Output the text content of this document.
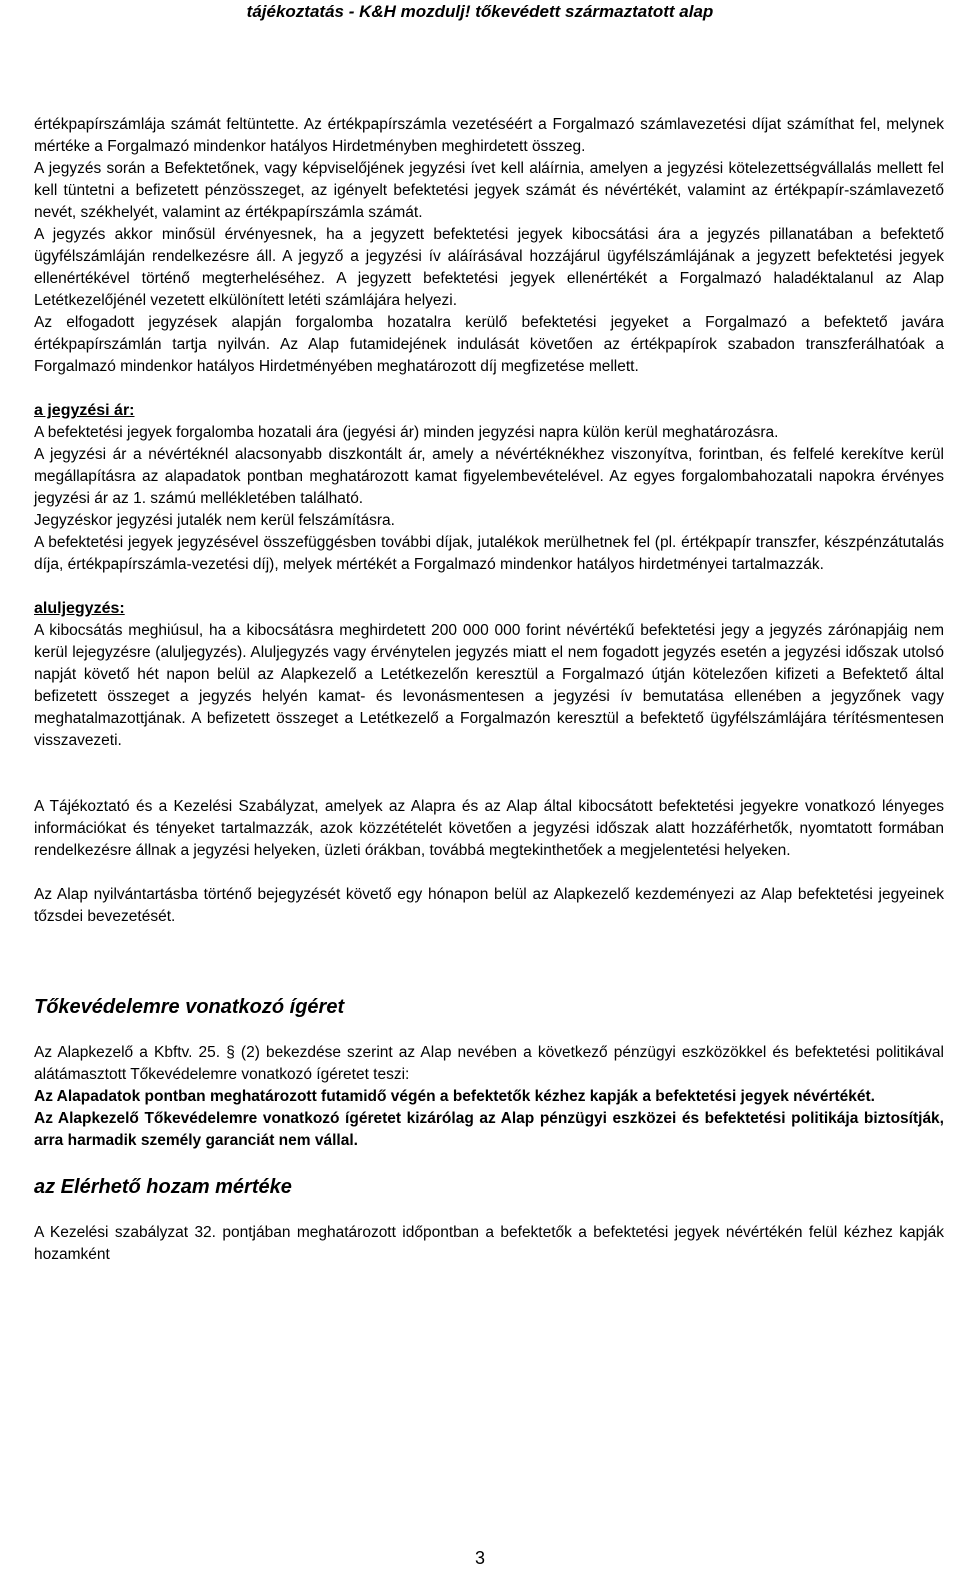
tájékoztatás - K&H mozdulj! tőkevédett származtatott alap

értékpapírszámlája számát feltüntette. Az értékpapírszámla vezetéséért a Forgalmazó számlavezetési díjat számíthat fel, melynek mértéke a Forgalmazó mindenkor hatályos Hirdetményben meghirdetett összeg.

A jegyzés során a Befektetőnek, vagy képviselőjének jegyzési ívet kell aláírnia, amelyen a jegyzési kötelezettségvállalás mellett fel kell tüntetni a befizetett pénzösszeget, az igényelt befektetési jegyek számát és névértékét, valamint az értékpapír-számlavezető nevét, székhelyét, valamint az értékpapírszámla számát.

A jegyzés akkor minősül érvényesnek, ha a jegyzett befektetési jegyek kibocsátási ára a jegyzés pillanatában a befektető ügyfélszámláján rendelkezésre áll. A jegyző a jegyzési ív aláírásával hozzájárul ügyfélszámlájának a jegyzett befektetési jegyek ellenértékével történő megterheléséhez. A jegyzett befektetési jegyek ellenértékét a Forgalmazó haladéktalanul az Alap Letétkezelőjénél vezetett elkülönített letéti számlájára helyezi.

Az elfogadott jegyzések alapján forgalomba hozatalra kerülő befektetési jegyeket a Forgalmazó a befektető javára értékpapírszámlán tartja nyilván. Az Alap futamidejének indulását követően az értékpapírok szabadon transzferálhatóak a Forgalmazó mindenkor hatályos Hirdetményében meghatározott díj megfizetése mellett.

a jegyzési ár:

A befektetési jegyek forgalomba hozatali ára (jegyési ár) minden jegyzési napra külön kerül meghatározásra.

A jegyzési ár a névértéknél alacsonyabb diszkontált ár, amely a névértéknékhez viszonyítva, forintban, és felfelé kerekítve kerül megállapításra az alapadatok pontban meghatározott kamat figyelembevételével. Az egyes forgalombahozatali napokra érvényes jegyzési ár az 1. számú mellékletében található.

Jegyzéskor jegyzési jutalék nem kerül felszámításra.

A befektetési jegyek jegyzésével összefüggésben további díjak, jutalékok merülhetnek fel (pl. értékpapír transzfer, készpénzátutalás díja, értékpapírszámla-vezetési díj), melyek mértékét a Forgalmazó mindenkor hatályos hirdetményei tartalmazzák.

aluljegyzés:

A kibocsátás meghiúsul, ha a kibocsátásra meghirdetett 200 000 000 forint névértékű befektetési jegy a jegyzés zárónapjáig nem kerül lejegyzésre (aluljegyzés). Aluljegyzés vagy érvénytelen jegyzés miatt el nem fogadott jegyzés esetén a jegyzési időszak utolsó napját követő hét napon belül az Alapkezelő a Letétkezelőn keresztül a Forgalmazó útján kötelezően kifizeti a Befektető által befizetett összeget a jegyzés helyén kamat- és levonásmentesen a jegyzési ív bemutatása ellenében a jegyzőnek vagy meghatalmazottjának. A befizetett összeget a Letétkezelő a Forgalmazón keresztül a befektető ügyfélszámlájára térítésmentesen visszavezeti.

A Tájékoztató és a Kezelési Szabályzat, amelyek az Alapra és az Alap által kibocsátott befektetési jegyekre vonatkozó lényeges információkat és tényeket tartalmazzák, azok közzétételét követően a jegyzési időszak alatt hozzáférhetők, nyomtatott formában rendelkezésre állnak a jegyzési helyeken, üzleti órákban, továbbá megtekinthetőek a megjelentetési helyeken.

Az Alap nyilvántartásba történő bejegyzését követő egy hónapon belül az Alapkezelő kezdeményezi az Alap befektetési jegyeinek tőzsdei bevezetését.

Tőkevédelemre vonatkozó ígéret

Az Alapkezelő a Kbftv. 25. § (2) bekezdése szerint az Alap nevében a következő pénzügyi eszközökkel és befektetési politikával alátámasztott Tőkevédelemre vonatkozó ígéretet teszi:

Az Alapadatok pontban meghatározott futamidő végén a befektetők kézhez kapják a befektetési jegyek névértékét.

Az Alapkezelő Tőkevédelemre vonatkozó ígéretet kizárólag az Alap pénzügyi eszközei és befektetési politikája biztosítják, arra harmadik személy garanciát nem vállal.

az Elérhető hozam mértéke

A Kezelési szabályzat 32. pontjában meghatározott időpontban a befektetők a befektetési jegyek névértékén felül kézhez kapják hozamként

3
